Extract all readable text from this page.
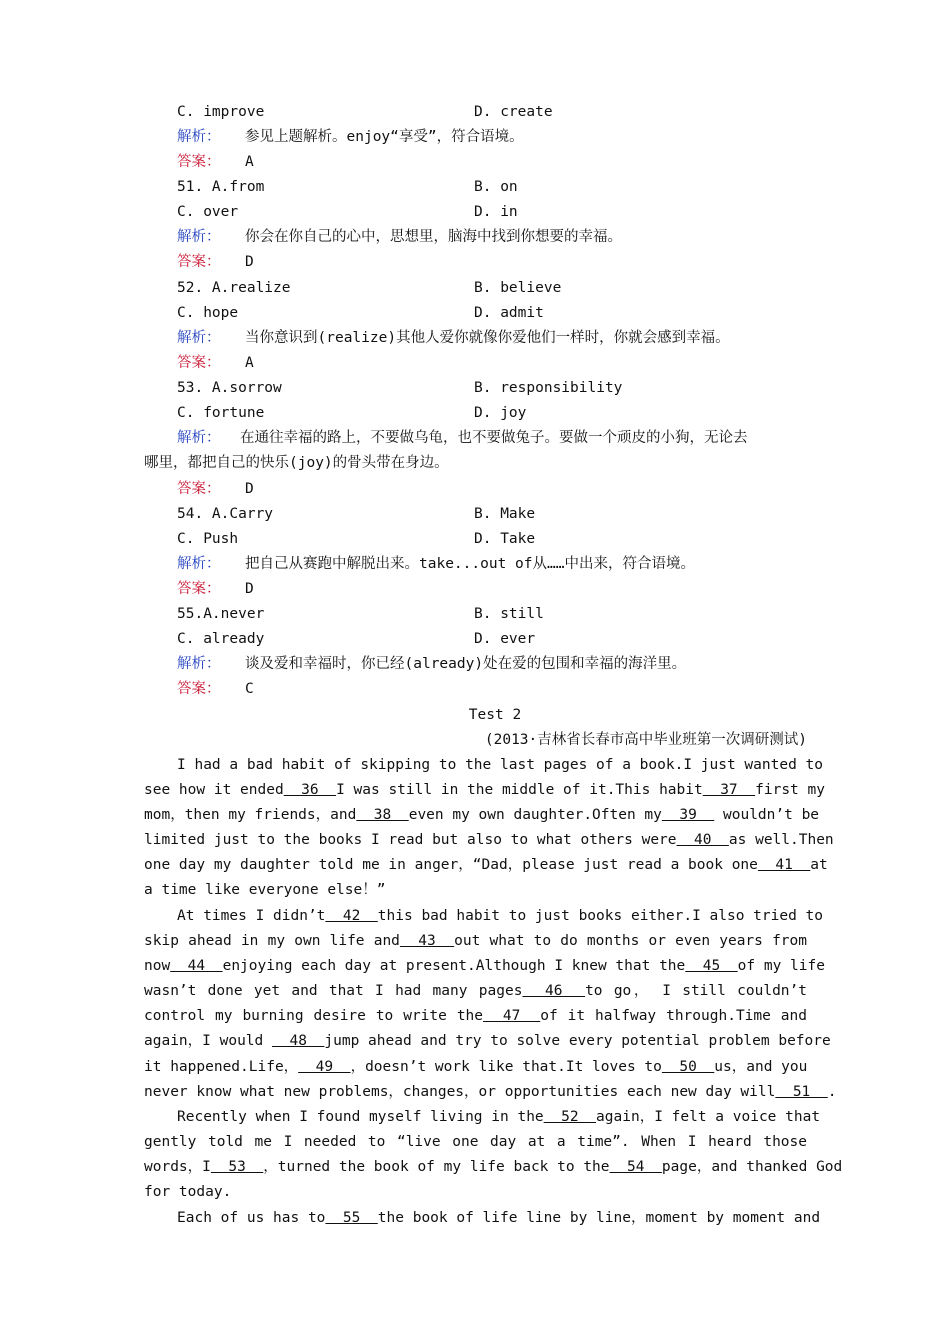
C. improve	D. create
解析： 参见上题解析。enjoy“享受”，符合语境。
答案： A
51. A.from	B. on
C. over	D. in
解析： 你会在你自己的心中，思想里，脑海中找到你想要的幸福。
答案： D
52. A.realize	B. believe
C. hope	D. admit
解析： 当你意识到(realize)其他人爱你就像你爱他们一样时，你就会感到幸福。
答案： A
53. A.sorrow	B. responsibility
C. fortune	D. joy
解析： 在通往幸福的路上，不要做乌龟，也不要做兔子。要做一个顽皮的小狗，无论去
哪里，都把自己的快乐(joy)的骨头带在身边。
答案： D
54. A.Carry	B. Make
C. Push	D. Take
解析： 把自己从赛跑中解脱出来。take...out of从……中出来，符合语境。
答案： D
55.A.never	B. still
C. already	D. ever
解析： 谈及爱和幸福时，你已经(already)处在爱的包围和幸福的海洋里。
答案： C
Test 2
(2013·吉林省长春市高中毕业班第一次调研测试)
I had a bad habit of skipping to the last pages of a book.I just wanted to
see how it ended  36  I was still in the middle of it.This habit  37  first my
mom，then my friends，and  38  even my own daughter.Often my  39   wouldn’t be
limited just to the books I read but also to what others were  40  as well.Then
one day my daughter told me in anger，“Dad，please just read a book one  41  at
a time like everyone else！”
At times I didn’t  42  this bad habit to just books either.I also tried to
skip ahead in my own life and  43  out what to do months or even years from
now  44  enjoying each day at present.Although I knew that the  45  of my life
wasn’t done yet and that I had many pages  46  to go， I still couldn’t
control my burning desire to write the  47  of it halfway through.Time and
again，I would   48  jump ahead and try to solve every potential problem before
it happened.Life，  49  ，doesn’t work like that.It loves to  50  us，and you
never know what new problems，changes，or opportunities each new day will  51  .
Recently when I found myself living in the  52  again，I felt a voice that
gently told me I needed to “live one day at a time”. When I heard those
words，I  53  ，turned the book of my life back to the  54  page，and thanked God
for today.
Each of us has to  55  the book of life line by line，moment by moment and
